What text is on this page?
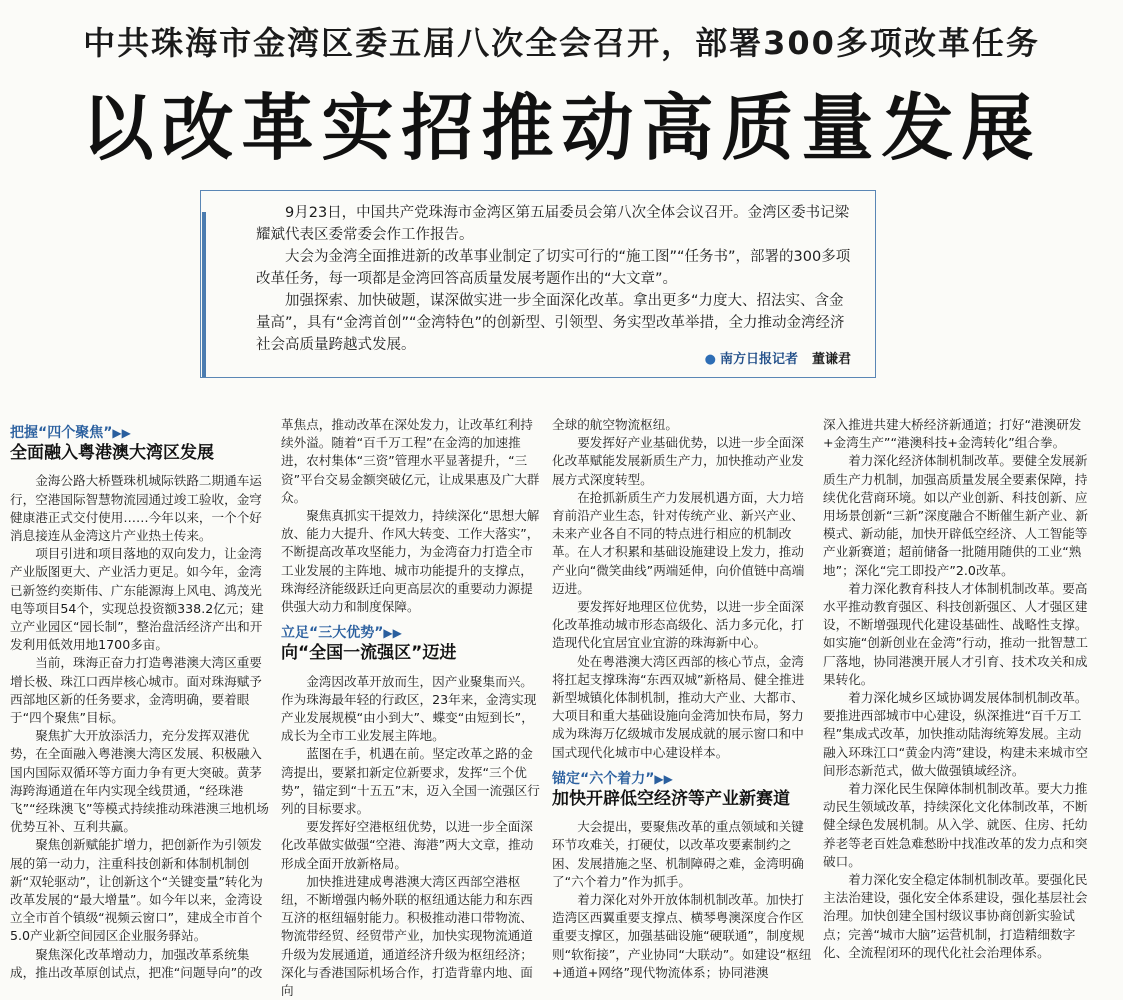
中共珠海市金湾区委五届八次全会召开，部署300多项改革任务
以改革实招推动高质量发展

9月23日，中国共产党珠海市金湾区第五届委员会第八次全体会议召开。金湾区委书记梁耀斌代表区委常委会作工作报告。

大会为金湾全面推进新的改革事业制定了切实可行的“施工图”“任务书”，部署的300多项改革任务，每一项都是金湾回答高质量发展考题作出的“大文章”。

加强探索、加快破题，谋深做实进一步全面深化改革。拿出更多“力度大、招法实、含金量高”，具有“金湾首创”“金湾特色”的创新型、引领型、务实型改革举措，全力推动金湾经济社会高质量跨越式发展。

● 南方日报记者 董谦君
把握“四个聚焦”▶▶
全面融入粤港澳大湾区发展

金海公路大桥暨珠机城际铁路二期通车运行，空港国际智慧物流园通过竣工验收，金穹健康港正式交付使用……今年以来，一个个好消息接连从金湾这片产业热土传来。

项目引进和项目落地的双向发力，让金湾产业版图更大、产业活力更足。如今年，金湾已新签约奕斯伟、广东能源海上风电、鸿茂光电等项目54个，实现总投资额338.2亿元；建立产业园区“园长制”，整治盘活经济产出和开发利用低效用地1700多亩。

当前，珠海正奋力打造粤港澳大湾区重要增长极、珠江口西岸核心城市。面对珠海赋予西部地区新的任务要求，金湾明确，要着眼于“四个聚焦”目标。

聚焦扩大开放添活力，充分发挥双港优势，在全面融入粤港澳大湾区发展、积极融入国内国际双循环等方面力争有更大突破。黄茅海跨海通道在年内实现全线贯通，“经珠港飞”“经珠澳飞”等模式持续推动珠港澳三地机场优势互补、互利共赢。

聚焦创新赋能扩增力，把创新作为引领发展的第一动力，注重科技创新和体制机制创新“双轮驱动”，让创新这个“关键变量”转化为改革发展的“最大增量”。如今年以来，金湾设立全市首个镇级“视频云窗口”，建成全市首个5.0产业新空间园区企业服务驿站。

聚焦深化改革增动力，加强改革系统集成，推出改革原创试点，把准“问题导向”的改

革焦点，推动改革在深处发力，让改革红利持续外溢。随着“百千万工程”在金湾的加速推进，农村集体“三资”管理水平显著提升，“三资”平台交易金额突破亿元，让成果惠及广大群众。

聚焦真抓实干提效力，持续深化“思想大解放、能力大提升、作风大转变、工作大落实”，不断提高改革攻坚能力，为金湾奋力打造全市工业发展的主阵地、城市功能提升的支撑点，珠海经济能级跃迁向更高层次的重要动力源提供强大动力和制度保障。

立足“三大优势”▶▶
向“全国一流强区”迈进

金湾因改革开放而生，因产业聚集而兴。作为珠海最年轻的行政区，23年来，金湾实现产业发展规模“由小到大”、蝶变“由短到长”，成长为全市工业发展主阵地。

蓝图在手，机遇在前。坚定改革之路的金湾提出，要紧扣新定位新要求，发挥“三个优势”，锚定到“十五五”末，迈入全国一流强区行列的目标要求。

要发挥好空港枢纽优势，以进一步全面深化改革做实做强“空港、海港”两大文章，推动形成全面开放新格局。

加快推进建成粤港澳大湾区西部空港枢纽，不断增强内畅外联的枢纽通达能力和东西互济的枢纽辐射能力。积极推动港口带物流、物流带经贸、经贸带产业，加快实现物流通道升级为发展通道，通道经济升级为枢纽经济；深化与香港国际机场合作，打造背靠内地、面向

全球的航空物流枢纽。

要发挥好产业基础优势，以进一步全面深化改革赋能发展新质生产力，加快推动产业发展方式深度转型。

在抢抓新质生产力发展机遇方面，大力培育前沿产业生态，针对传统产业、新兴产业、未来产业各自不同的特点进行相应的机制改革。在人才积累和基础设施建设上发力，推动产业向“微笑曲线”两端延伸，向价值链中高端迈进。

要发挥好地理区位优势，以进一步全面深化改革推动城市形态高级化、活力多元化，打造现代化宜居宜业宜游的珠海新中心。

处在粤港澳大湾区西部的核心节点，金湾将扛起支撑珠海“东西双城”新格局、健全推进新型城镇化体制机制，推动大产业、大都市、大项目和重大基础设施向金湾加快布局，努力成为珠海万亿级城市发展成就的展示窗口和中国式现代化城市中心建设样本。

锚定“六个着力”▶▶
加快开辟低空经济等产业新赛道

大会提出，要聚焦改革的重点领域和关键环节攻难关，打硬仗，以改革攻要素制约之困、发展措施之坚、机制障碍之难，金湾明确了“六个着力”作为抓手。

着力深化对外开放体制机制改革。加快打造湾区西翼重要支撑点、横琴粤澳深度合作区重要支撑区，加强基础设施“硬联通”，制度规则“软衔接”，产业协同“大联动”。如建设“枢纽+通道+网络”现代物流体系；协同港澳

深入推进共建大桥经济新通道；打好“港澳研发+金湾生产”“港澳科技+金湾转化”组合拳。

着力深化经济体制机制改革。要健全发展新质生产力机制，加强高质量发展全要素保障，持续优化营商环境。如以产业创新、科技创新、应用场景创新“三新”深度融合不断催生新产业、新模式、新动能，加快开辟低空经济、人工智能等产业新赛道；超前储备一批随用随供的工业“熟地”；深化“完工即投产”2.0改革。

着力深化教育科技人才体制机制改革。要高水平推动教育强区、科技创新强区、人才强区建设，不断增强现代化建设基础性、战略性支撑。如实施“创新创业在金湾”行动，推动一批智慧工厂落地，协同港澳开展人才引育、技术攻关和成果转化。

着力深化城乡区域协调发展体制机制改革。要推进西部城市中心建设，纵深推进“百千万工程”集成式改革，加快推动陆海统筹发展。主动融入环珠江口“黄金内湾”建设，构建未来城市空间形态新范式，做大做强镇域经济。

着力深化民生保障体制机制改革。要大力推动民生领域改革，持续深化文化体制改革，不断健全绿色发展机制。从入学、就医、住房、托幼养老等老百姓急难愁盼中找准改革的发力点和突破口。

着力深化安全稳定体制机制改革。要强化民主法治建设，强化安全体系建设，强化基层社会治理。加快创建全国村级议事协商创新实验试点；完善“城市大脑”运营机制，打造精细数字化、全流程闭环的现代化社会治理体系。
